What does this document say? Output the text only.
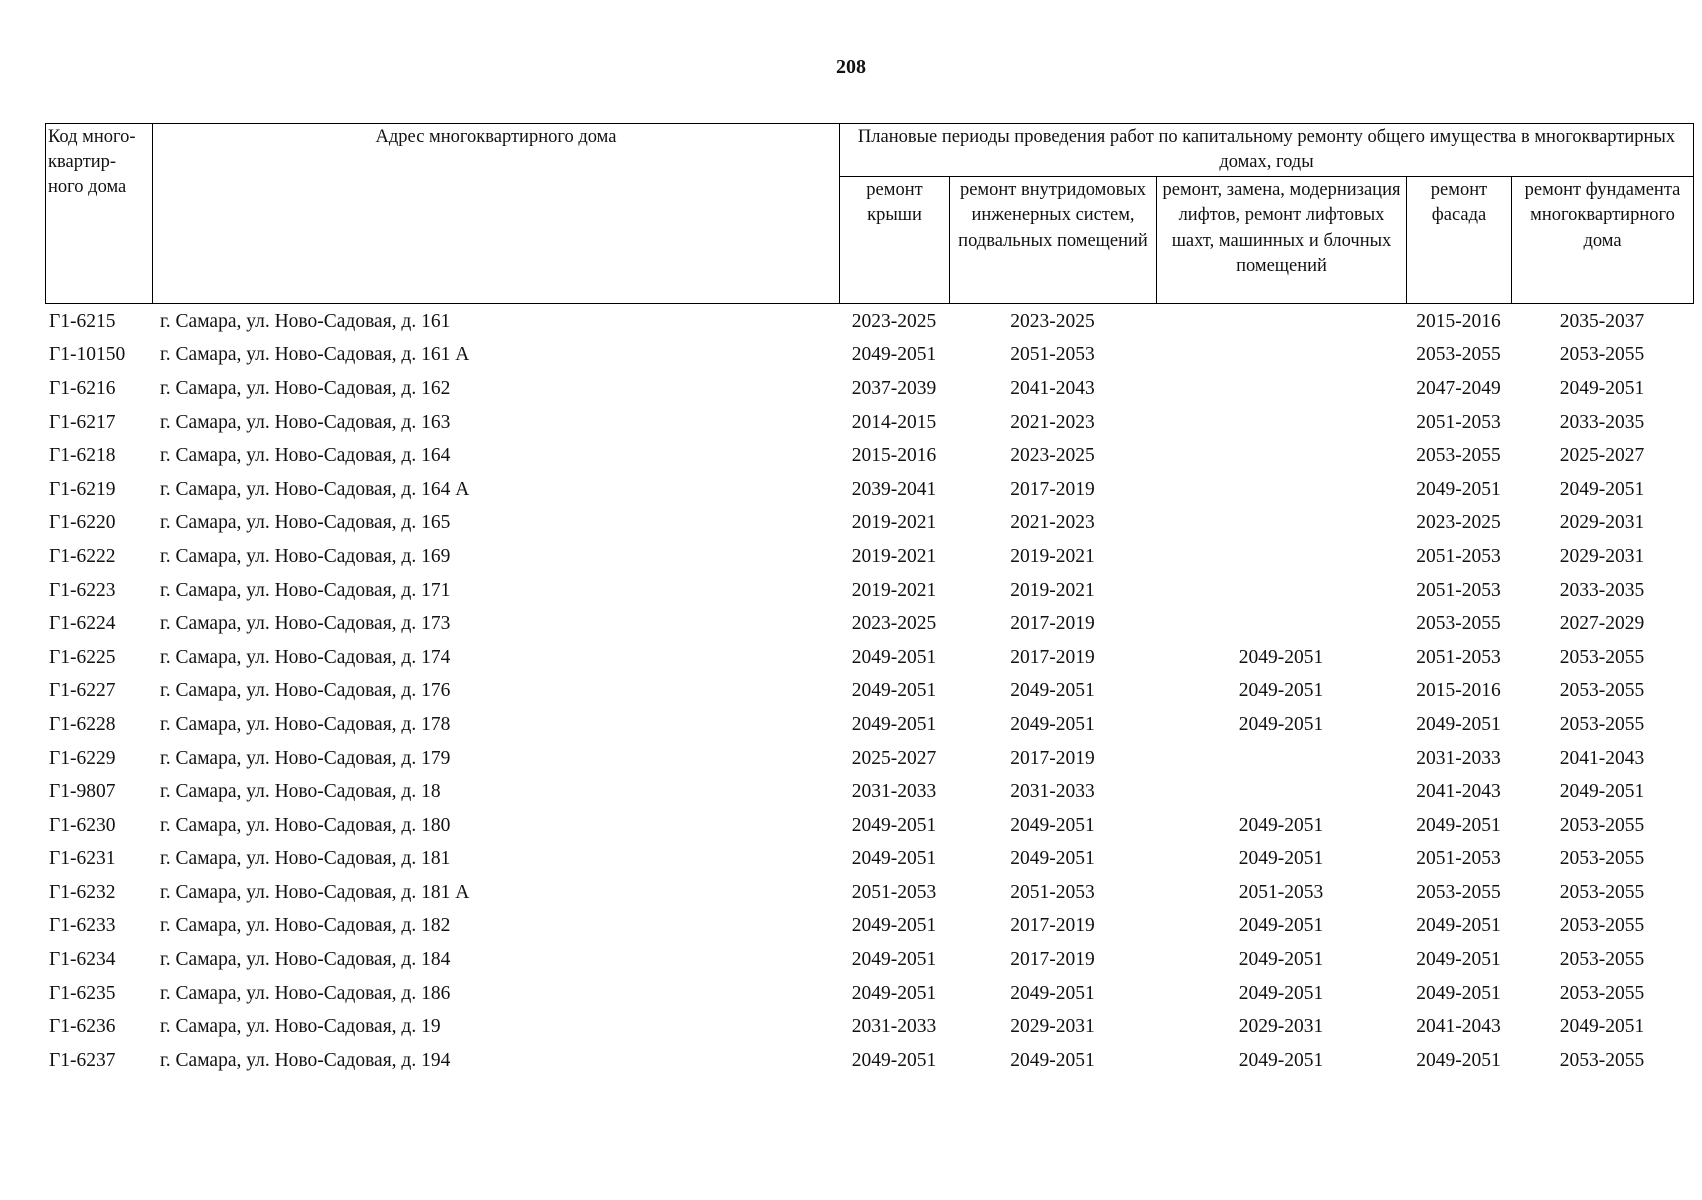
208
Код много-квартир-ного дома	Адрес многоквартирного дома	Плановые периоды проведения работ по капитальному ремонту общего имущества в многоквартирных домах, годы				
		ремонт крыши	ремонт внутридомовых инженерных систем, подвальных помещений	ремонт, замена, модернизация лифтов, ремонт лифтовых шахт, машинных и блочных помещений	ремонт фасада	ремонт фундамента многоквартирного дома
Г1-6215	г. Самара, ул. Ново-Садовая, д. 161	2023-2025	2023-2025		2015-2016	2035-2037
Г1-10150	г. Самара, ул. Ново-Садовая, д. 161 А	2049-2051	2051-2053		2053-2055	2053-2055
Г1-6216	г. Самара, ул. Ново-Садовая, д. 162	2037-2039	2041-2043		2047-2049	2049-2051
Г1-6217	г. Самара, ул. Ново-Садовая, д. 163	2014-2015	2021-2023		2051-2053	2033-2035
Г1-6218	г. Самара, ул. Ново-Садовая, д. 164	2015-2016	2023-2025		2053-2055	2025-2027
Г1-6219	г. Самара, ул. Ново-Садовая, д. 164 А	2039-2041	2017-2019		2049-2051	2049-2051
Г1-6220	г. Самара, ул. Ново-Садовая, д. 165	2019-2021	2021-2023		2023-2025	2029-2031
Г1-6222	г. Самара, ул. Ново-Садовая, д. 169	2019-2021	2019-2021		2051-2053	2029-2031
Г1-6223	г. Самара, ул. Ново-Садовая, д. 171	2019-2021	2019-2021		2051-2053	2033-2035
Г1-6224	г. Самара, ул. Ново-Садовая, д. 173	2023-2025	2017-2019		2053-2055	2027-2029
Г1-6225	г. Самара, ул. Ново-Садовая, д. 174	2049-2051	2017-2019	2049-2051	2051-2053	2053-2055
Г1-6227	г. Самара, ул. Ново-Садовая, д. 176	2049-2051	2049-2051	2049-2051	2015-2016	2053-2055
Г1-6228	г. Самара, ул. Ново-Садовая, д. 178	2049-2051	2049-2051	2049-2051	2049-2051	2053-2055
Г1-6229	г. Самара, ул. Ново-Садовая, д. 179	2025-2027	2017-2019		2031-2033	2041-2043
Г1-9807	г. Самара, ул. Ново-Садовая, д. 18	2031-2033	2031-2033		2041-2043	2049-2051
Г1-6230	г. Самара, ул. Ново-Садовая, д. 180	2049-2051	2049-2051	2049-2051	2049-2051	2053-2055
Г1-6231	г. Самара, ул. Ново-Садовая, д. 181	2049-2051	2049-2051	2049-2051	2051-2053	2053-2055
Г1-6232	г. Самара, ул. Ново-Садовая, д. 181 А	2051-2053	2051-2053	2051-2053	2053-2055	2053-2055
Г1-6233	г. Самара, ул. Ново-Садовая, д. 182	2049-2051	2017-2019	2049-2051	2049-2051	2053-2055
Г1-6234	г. Самара, ул. Ново-Садовая, д. 184	2049-2051	2017-2019	2049-2051	2049-2051	2053-2055
Г1-6235	г. Самара, ул. Ново-Садовая, д. 186	2049-2051	2049-2051	2049-2051	2049-2051	2053-2055
Г1-6236	г. Самара, ул. Ново-Садовая, д. 19	2031-2033	2029-2031	2029-2031	2041-2043	2049-2051
Г1-6237	г. Самара, ул. Ново-Садовая, д. 194	2049-2051	2049-2051	2049-2051	2049-2051	2053-2055
